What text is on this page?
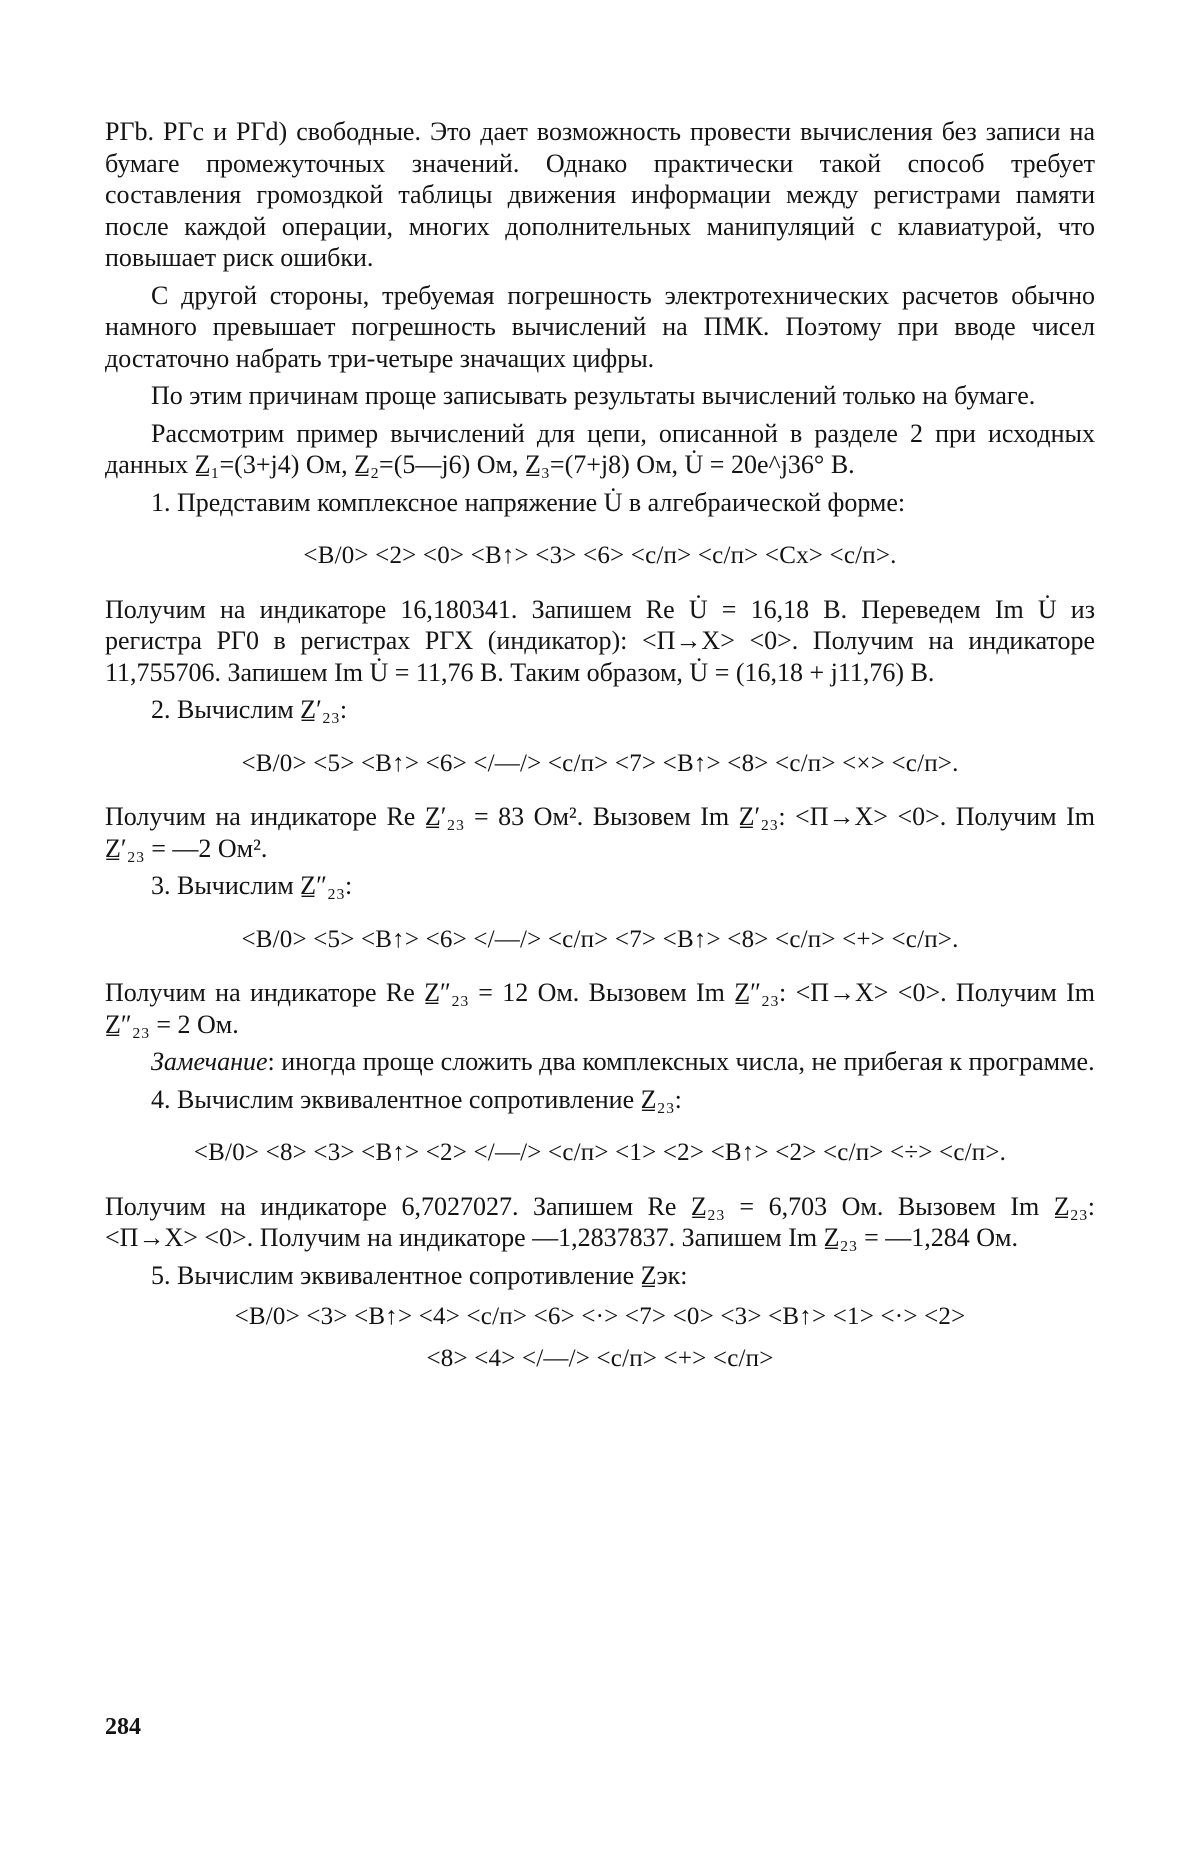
РГb. РГc и РГd) свободные. Это дает возможность провести вычисления без записи на бумаге промежуточных значений. Однако практически такой способ требует составления громоздкой таблицы движения информации между регистрами памяти после каждой операции, многих дополнительных манипуляций с клавиатурой, что повышает риск ошибки.

С другой стороны, требуемая погрешность электротехнических расчетов обычно намного превышает погрешность вычислений на ПМК. Поэтому при вводе чисел достаточно набрать три-четыре значащих цифры.

По этим причинам проще записывать результаты вычислений только на бумаге.

Рассмотрим пример вычислений для цепи, описанной в разделе 2 при исходных данных Z̲₁=(3+j4) Ом, Z̲₂=(5—j6) Ом, Z̲₃=(7+j8) Ом, U̇ = 20e^j36° В.

1. Представим комплексное напряжение U̇ в алгебраической форме:

<В/0> <2> <0> <В↑> <3> <6> <с/п> <с/п> <Cx> <с/п>.

Получим на индикаторе 16,180341. Запишем Re U̇ = 16,18 В. Переведем Im U̇ из регистра РГ0 в регистрах РГX (индикатор): <П→X> <0>. Получим на индикаторе 11,755706. Запишем Im U̇ = 11,76 В. Таким образом, U̇ = (16,18 + j11,76) В.

2. Вычислим Z̲′₂₃:

<В/0> <5> <В↑> <6> </—/> <с/п> <7> <В↑> <8> <с/п> <×> <с/п>.

Получим на индикаторе Re Z̲′₂₃ = 83 Ом². Вызовем Im Z̲′₂₃: <П→X> <0>. Получим Im Z̲′₂₃ = —2 Ом².

3. Вычислим Z̲″₂₃:

<В/0> <5> <В↑> <6> </—/> <с/п> <7> <В↑> <8> <с/п> <+> <с/п>.

Получим на индикаторе Re Z̲″₂₃ = 12 Ом. Вызовем Im Z̲″₂₃: <П→X> <0>. Получим Im Z̲″₂₃ = 2 Ом.

Замечание: иногда проще сложить два комплексных числа, не прибегая к программе.

4. Вычислим эквивалентное сопротивление Z̲₂₃:

<В/0> <8> <3> <В↑> <2> </—/> <с/п> <1> <2> <В↑> <2> <с/п> <÷> <с/п>.

Получим на индикаторе 6,7027027. Запишем Re Z̲₂₃ = 6,703 Ом. Вызовем Im Z̲₂₃: <П→X> <0>. Получим на индикаторе —1,2837837. Запишем Im Z̲₂₃ = —1,284 Ом.

5. Вычислим эквивалентное сопротивление Z̲эк:

<В/0> <3> <В↑> <4> <с/п> <6> <·> <7> <0> <3> <В↑> <1> <·> <2>

<8> <4> </—/> <с/п> <+> <с/п>

284
